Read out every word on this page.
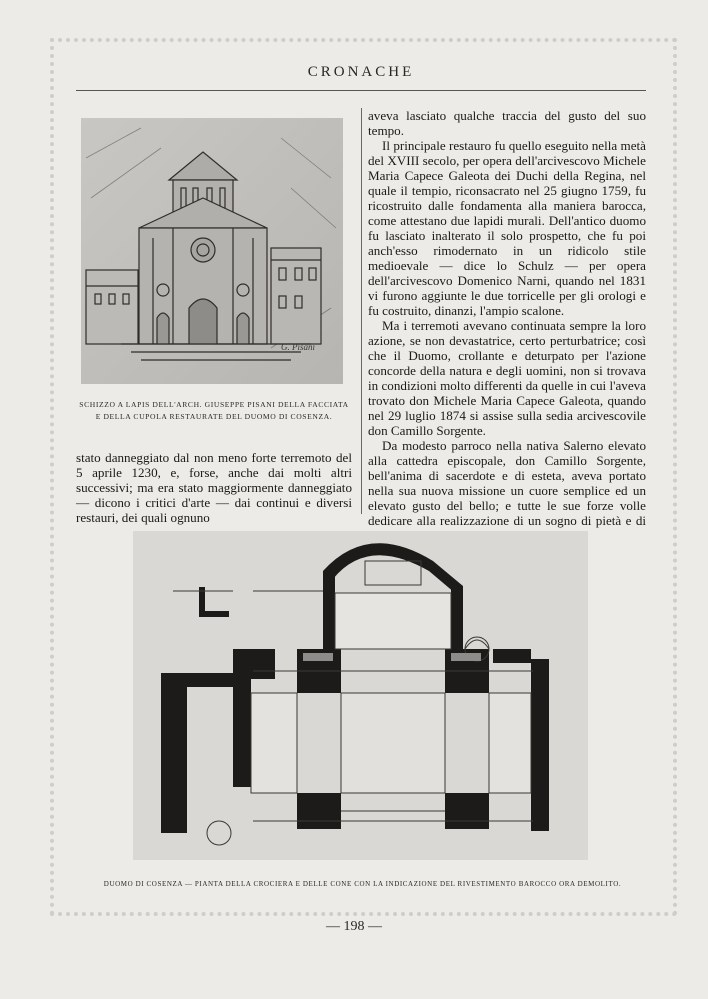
CRONACHE
G. Pisani
SCHIZZO A LAPIS DELL'ARCH. GIUSEPPE PISANI DELLA FACCIATA
E DELLA CUPOLA RESTAURATE DEL DUOMO DI COSENZA.

stato danneggiato dal non meno forte terremoto del 5 aprile 1230, e, forse, anche dai molti altri successivi; ma era stato maggiormente danneggiato — dicono i critici d'arte — dai continui e diversi restauri, dei quali ognuno

aveva lasciato qualche traccia del gusto del suo tempo.

Il principale restauro fu quello eseguito nella metà del XVIII secolo, per opera dell'arcivescovo Michele Maria Capece Galeota dei Duchi della Regina, nel quale il tempio, riconsacrato nel 25 giugno 1759, fu ricostruito dalle fondamenta alla maniera barocca, come attestano due lapidi murali. Dell'antico duomo fu lasciato inalterato il solo prospetto, che fu poi anch'esso rimodernato in un ridicolo stile medioevale — dice lo Schulz — per opera dell'arcivescovo Domenico Narni, quando nel 1831 vi furono aggiunte le due torricelle per gli orologi e fu costruito, dinanzi, l'ampio scalone.

Ma i terremoti avevano continuata sempre la loro azione, se non devastatrice, certo perturbatrice; così che il Duomo, crollante e deturpato per l'azione concorde della natura e degli uomini, non si trovava in condizioni molto differenti da quelle in cui l'aveva trovato don Michele Maria Capece Galeota, quando nel 29 luglio 1874 si assise sulla sedia arcivescovile don Camillo Sorgente.

Da modesto parroco nella nativa Salerno elevato alla cattedra episcopale, don Camillo Sorgente, bell'anima di sacerdote e di esteta, aveva portato nella sua nuova missione un cuore semplice ed un elevato gusto del bello; e tutte le sue forze volle dedicare alla realizzazione di un sogno di pietà e di

DUOMO DI COSENZA — PIANTA DELLA CROCIERA E DELLE CONE CON LA INDICAZIONE DEL RIVESTIMENTO BAROCCO ORA DEMOLITO.
— 198 —
